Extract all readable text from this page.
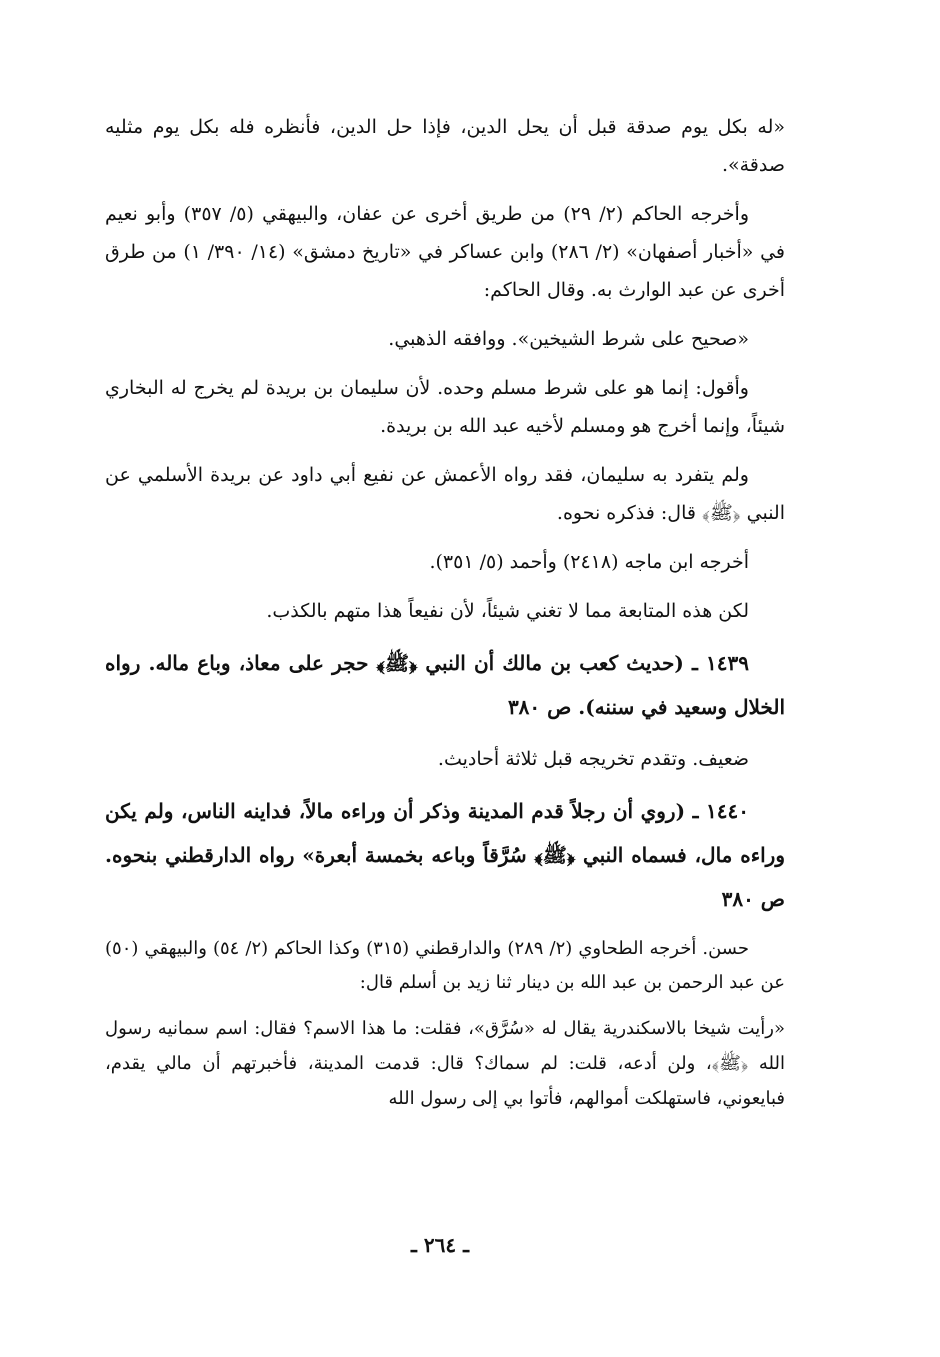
«له بكل يوم صدقة قبل أن يحل الدين، فإذا حل الدين، فأنظره فله بكل يوم مثليه صدقة».

وأخرجه الحاكم (٢/ ٢٩) من طريق أخرى عن عفان، والبيهقي (٥/ ٣٥٧) وأبو نعيم في «أخبار أصفهان» (٢/ ٢٨٦) وابن عساكر في «تاريخ دمشق» (١٤/ ٣٩٠/ ١) من طرق أخرى عن عبد الوارث به. وقال الحاكم:

«صحيح على شرط الشيخين». ووافقه الذهبي.

وأقول: إنما هو على شرط مسلم وحده. لأن سليمان بن بريدة لم يخرج له البخاري شيئاً، وإنما أخرج هو ومسلم لأخيه عبد الله بن بريدة.

ولم يتفرد به سليمان، فقد رواه الأعمش عن نفيع أبي داود عن بريدة الأسلمي عن النبي ﴿ﷺ﴾ قال: فذكره نحوه.

أخرجه ابن ماجه (٢٤١٨) وأحمد (٥/ ٣٥١).

لكن هذه المتابعة مما لا تغني شيئاً، لأن نفيعاً هذا متهم بالكذب.

١٤٣٩ ـ (حديث كعب بن مالك أن النبي ﴿ﷺ﴾ حجر على معاذ، وباع ماله. رواه الخلال وسعيد في سننه). ص ٣٨٠

ضعيف. وتقدم تخريجه قبل ثلاثة أحاديث.

١٤٤٠ ـ (روي أن رجلاً قدم المدينة وذكر أن وراءه مالاً، فداينه الناس، ولم يكن وراءه مال، فسماه النبي ﴿ﷺ﴾ سُرَّقاً وباعه بخمسة أبعرة» رواه الدارقطني بنحوه. ص ٣٨٠

حسن. أخرجه الطحاوي (٢/ ٢٨٩) والدارقطني (٣١٥) وكذا الحاكم (٢/ ٥٤) والبيهقي (٥٠) عن عبد الرحمن بن عبد الله بن دينار ثنا زيد بن أسلم قال:

«رأيت شيخا بالاسكندرية يقال له «سُرَّق»، فقلت: ما هذا الاسم؟ فقال: اسم سمانيه رسول الله ﴿ﷺ﴾، ولن أدعه، قلت: لم سماك؟ قال: قدمت المدينة، فأخبرتهم أن مالي يقدم، فبايعوني، فاستهلكت أموالهم، فأتوا بي إلى رسول الله

ـ ٢٦٤ ـ
